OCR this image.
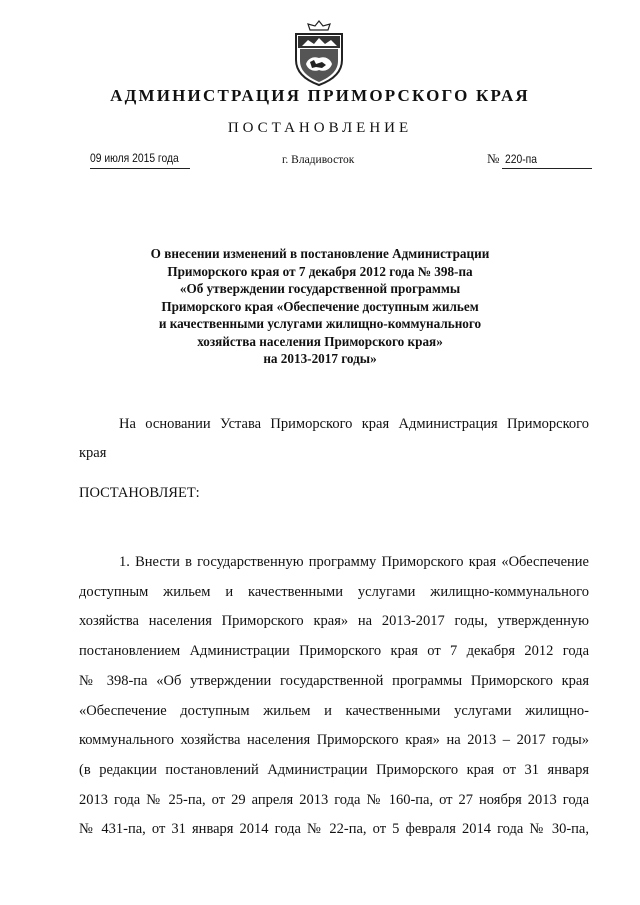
АДМИНИСТРАЦИЯ ПРИМОРСКОГО КРАЯ
ПОСТАНОВЛЕНИЕ
09 июля 2015 года	г. Владивосток	№ 220-па
О внесении изменений в постановление Администрации
Приморского края от 7 декабря 2012 года № 398-па
«Об утверждении государственной программы
Приморского края «Обеспечение доступным жильем
и качественными услугами жилищно-коммунального
хозяйства населения Приморского края»
на 2013-2017 годы»
На основании Устава Приморского края Администрация Приморского
края
ПОСТАНОВЛЯЕТ:
1. Внести в государственную программу Приморского края «Обеспечение
доступным жильем и качественными услугами жилищно-коммунального
хозяйства населения Приморского края» на 2013-2017 годы, утвержденную
постановлением Администрации Приморского края от 7 декабря 2012 года
№ 398-па «Об утверждении государственной программы Приморского края
«Обеспечение доступным жильем и качественными услугами жилищно-
коммунального хозяйства населения Приморского края» на 2013 – 2017 годы»
(в редакции постановлений Администрации Приморского края от 31 января
2013 года № 25-па, от 29 апреля 2013 года № 160-па, от 27 ноября 2013 года
№ 431-па, от 31 января 2014 года № 22-па, от 5 февраля 2014 года № 30-па,
